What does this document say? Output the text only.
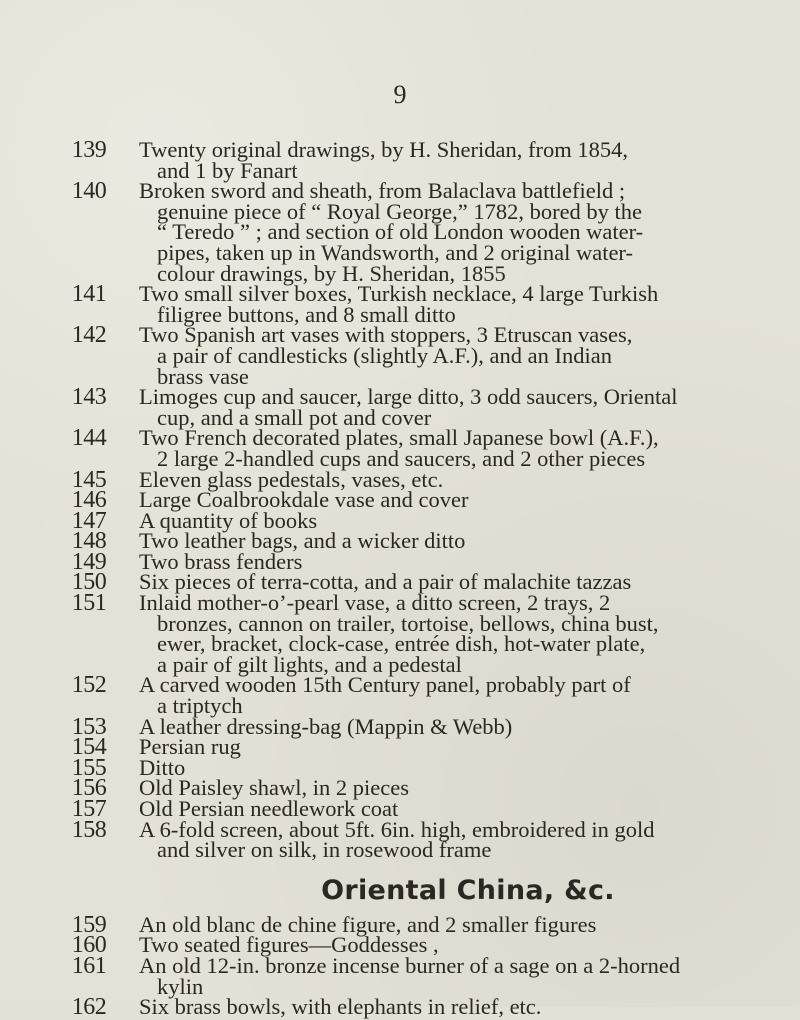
9
139	Twenty original drawings, by H. Sheridan, from 1854,
and 1 by Fanart
140	Broken sword and sheath, from Balaclava battlefield ;
genuine piece of “ Royal George,” 1782, bored by the
“ Teredo ” ; and section of old London wooden water-
pipes, taken up in Wandsworth, and 2 original water-
colour drawings, by H. Sheridan, 1855
141	Two small silver boxes, Turkish necklace, 4 large Turkish
filigree buttons, and 8 small ditto
142	Two Spanish art vases with stoppers, 3 Etruscan vases,
a pair of candlesticks (slightly A.F.), and an Indian
brass vase
143	Limoges cup and saucer, large ditto, 3 odd saucers, Oriental
cup, and a small pot and cover
144	Two French decorated plates, small Japanese bowl (A.F.),
2 large 2-handled cups and saucers, and 2 other pieces
145	Eleven glass pedestals, vases, etc.
146	Large Coalbrookdale vase and cover
147	A quantity of books
148	Two leather bags, and a wicker ditto
149	Two brass fenders
150	Six pieces of terra-cotta, and a pair of malachite tazzas
151	Inlaid mother-o’-pearl vase, a ditto screen, 2 trays, 2
bronzes, cannon on trailer, tortoise, bellows, china bust,
ewer, bracket, clock-case, entrée dish, hot-water plate,
a pair of gilt lights, and a pedestal
152	A carved wooden 15th Century panel, probably part of
a triptych
153	A leather dressing-bag (Mappin & Webb)
154	Persian rug
155	Ditto
156	Old Paisley shawl, in 2 pieces
157	Old Persian needlework coat
158	A 6-fold screen, about 5ft. 6in. high, embroidered in gold
and silver on silk, in rosewood frame
Oriental China, &c.
159	An old blanc de chine figure, and 2 smaller figures
160	Two seated figures—Goddesses ,
161	An old 12-in. bronze incense burner of a sage on a 2-horned
kylin
162	Six brass bowls, with elephants in relief, etc.
